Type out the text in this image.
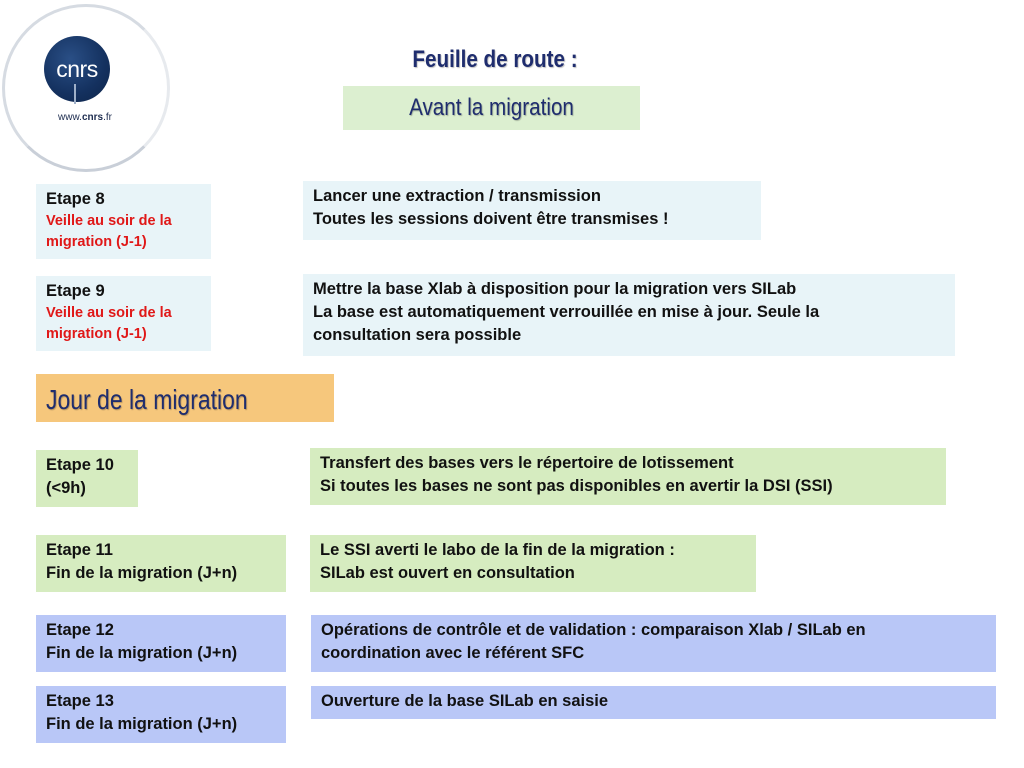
cnrs
www.cnrs.fr
Feuille de route :
Avant la migration
Etape 8
Veille au soir de la
migration (J-1)
Lancer une extraction / transmission
Toutes les sessions doivent être transmises !
Etape 9
Veille au soir de la
migration (J-1)
Mettre la base Xlab à disposition pour la migration vers SILab
La base est automatiquement verrouillée en mise à jour. Seule la
consultation sera possible
Jour de la migration
Etape 10
(<9h)
Transfert des bases vers le répertoire de lotissement
Si toutes les bases ne sont pas disponibles en avertir la DSI (SSI)
Etape 11
Fin de la migration (J+n)
Le SSI averti le labo de la fin de la migration :
SILab est ouvert en consultation
Etape 12
Fin de la migration (J+n)
Opérations de contrôle et de validation : comparaison Xlab / SILab en
coordination avec le référent SFC
Etape 13
Fin de la migration (J+n)
Ouverture de la base SILab en saisie
